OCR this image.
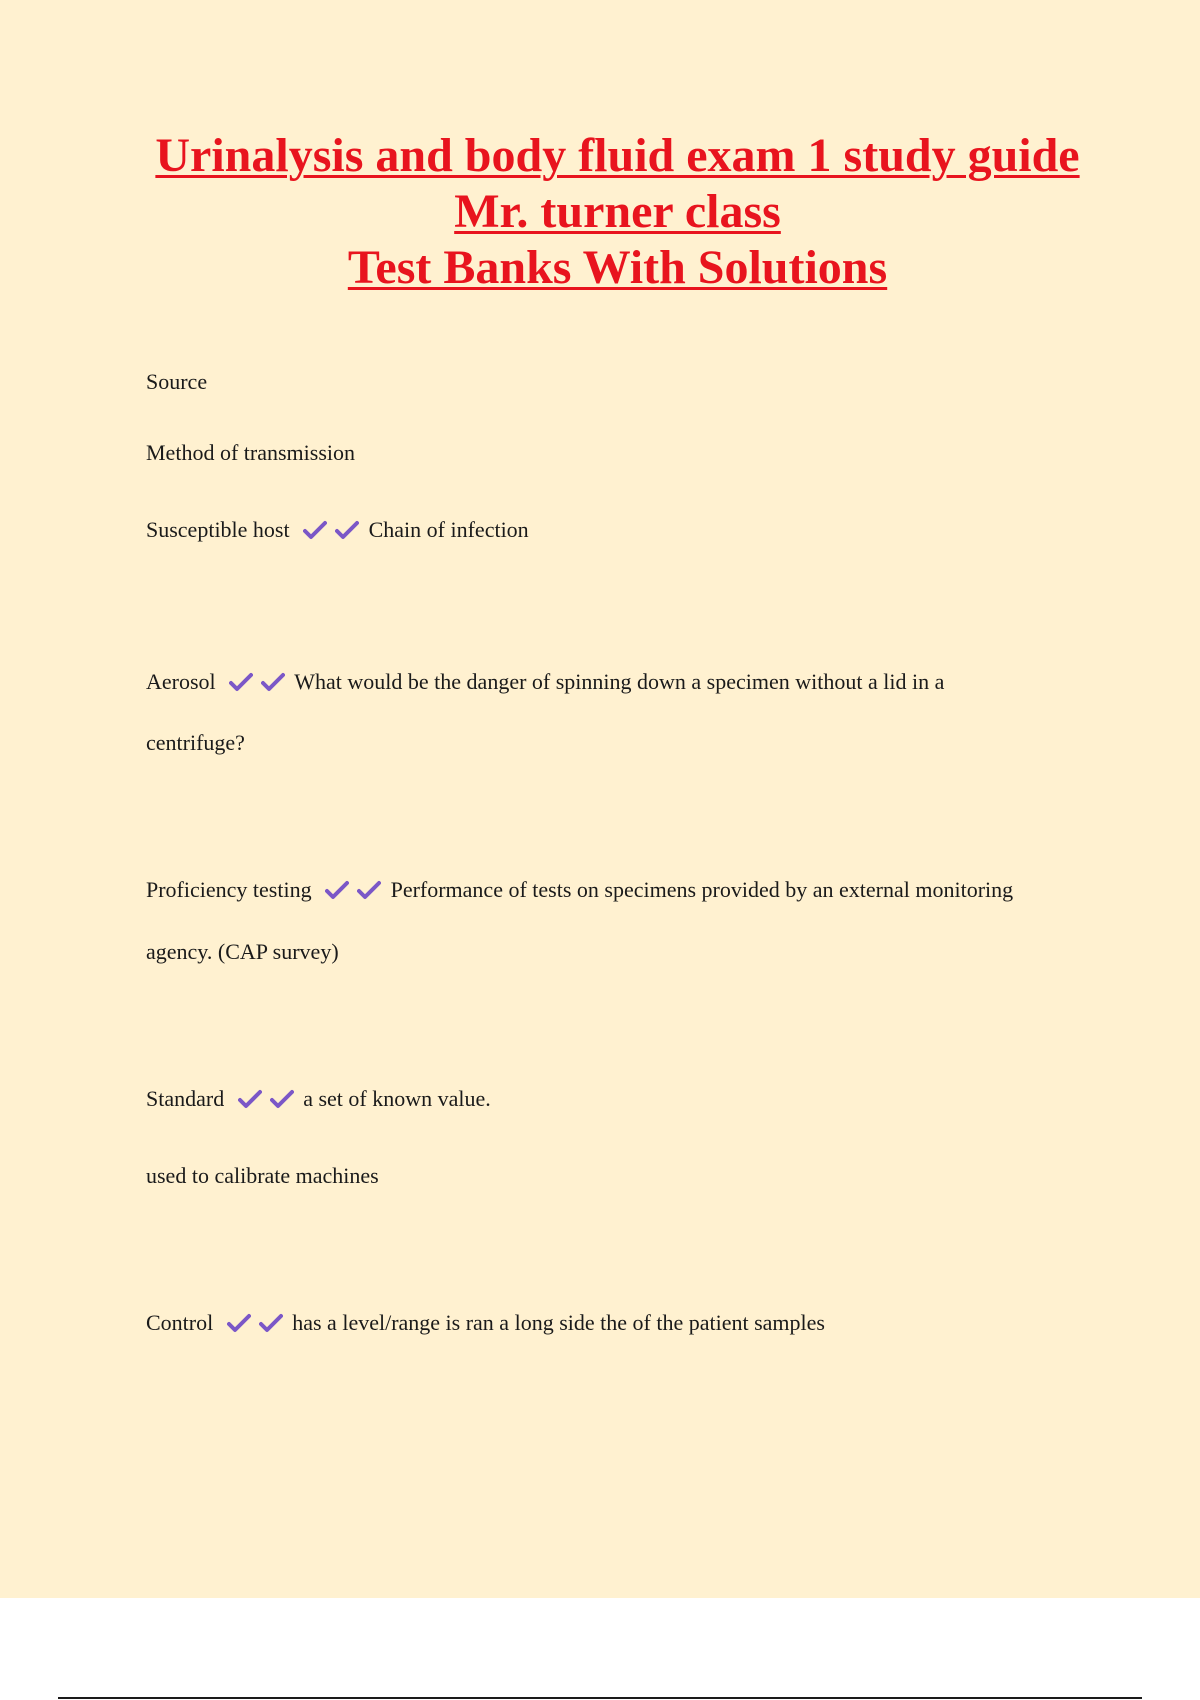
Urinalysis and body fluid exam 1 study guide
Mr. turner class
Test Banks With Solutions
Source
Method of transmission
Susceptible host	Chain of infection
Aerosol	What would be the danger of spinning down a specimen without a lid in a
centrifuge?
Proficiency testing	Performance of tests on specimens provided by an external monitoring
agency. (CAP survey)
Standard	a set of known value.
used to calibrate machines
Control	has a level/range is ran a long side the of the patient samples
